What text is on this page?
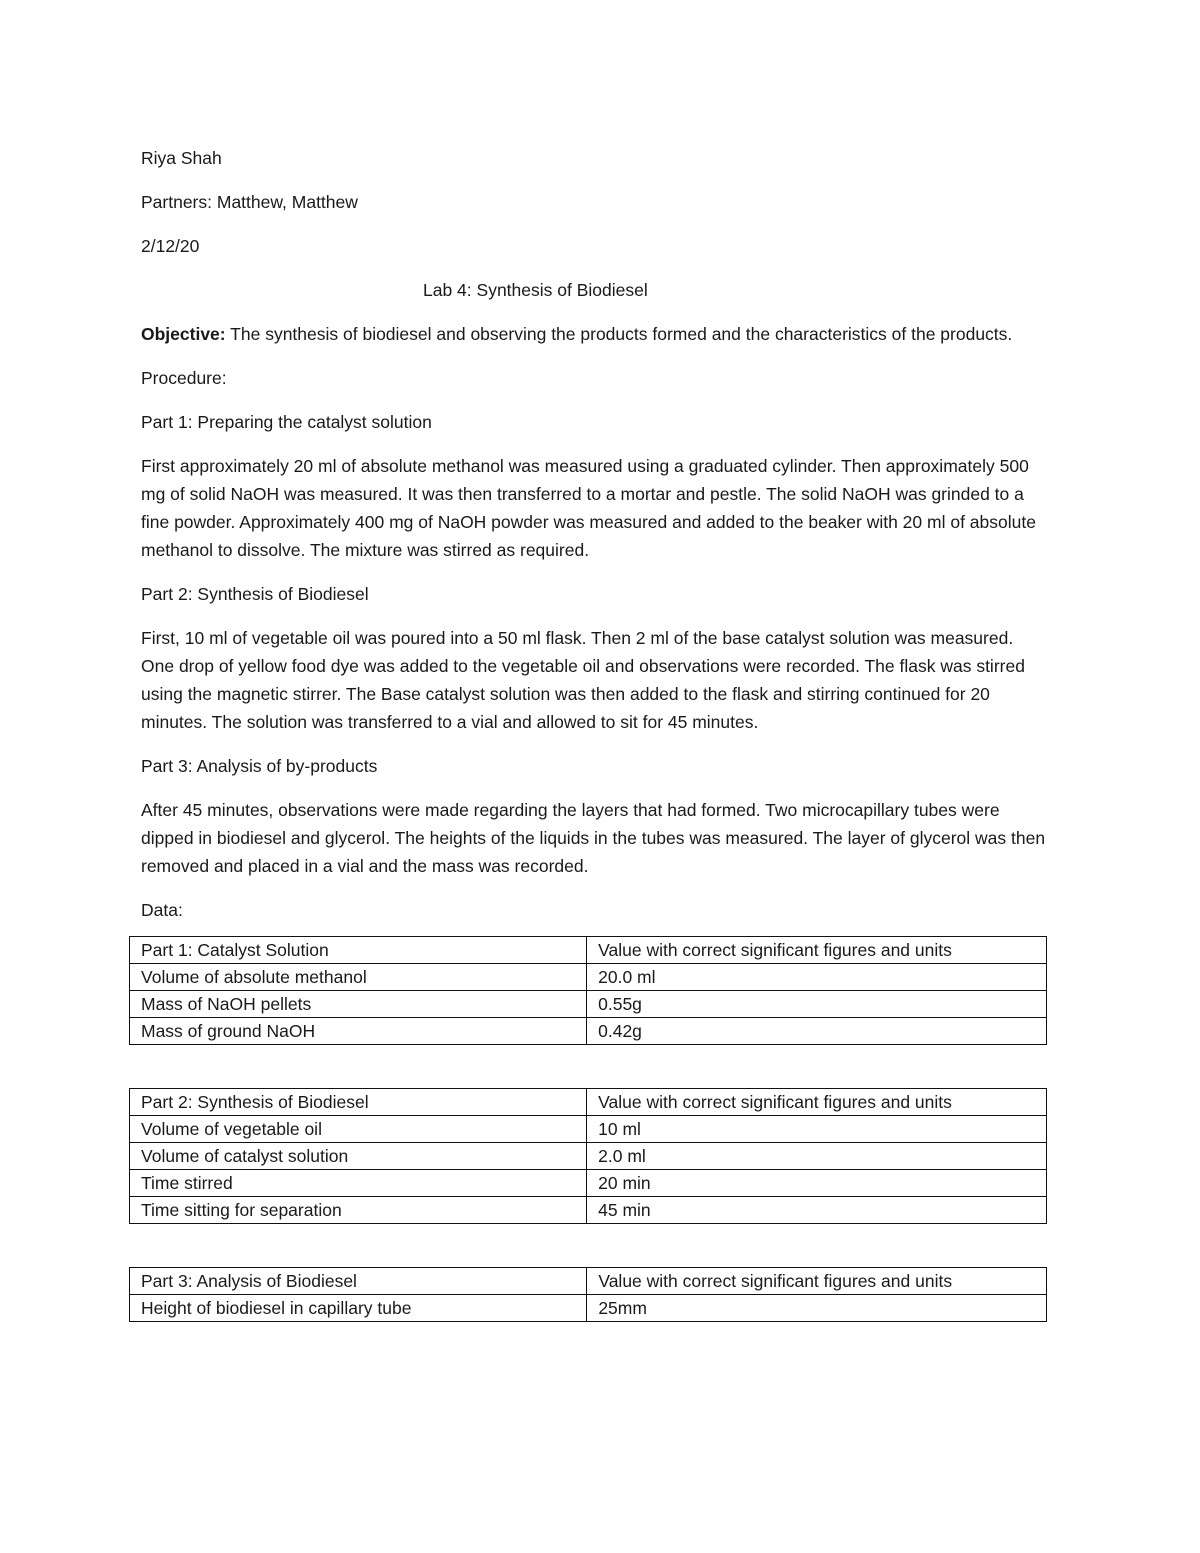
Riya Shah

Partners: Matthew, Matthew

2/12/20

Lab 4: Synthesis of Biodiesel

Objective: The synthesis of biodiesel and observing the products formed and the characteristics of the products.

Procedure:

Part 1: Preparing the catalyst solution

First approximately 20 ml of absolute methanol was measured using a graduated cylinder. Then approximately 500 mg of solid NaOH was measured. It was then transferred to a mortar and pestle. The solid NaOH was grinded to a fine powder. Approximately 400 mg of NaOH powder was measured and added to the beaker with 20 ml of absolute methanol to dissolve. The mixture was stirred as required.

Part 2: Synthesis of Biodiesel

First, 10 ml of vegetable oil was poured into a 50 ml flask. Then 2 ml of the base catalyst solution was measured. One drop of yellow food dye was added to the vegetable oil and observations were recorded. The flask was stirred using the magnetic stirrer. The Base catalyst solution was then added to the flask and stirring continued for 20 minutes. The solution was transferred to a vial and allowed to sit for 45 minutes.

Part 3: Analysis of by-products

After 45 minutes, observations were made regarding the layers that had formed. Two microcapillary tubes were dipped in biodiesel and glycerol. The heights of the liquids in the tubes was measured. The layer of glycerol was then removed and placed in a vial and the mass was recorded.

Data:

Part 1: Catalyst Solution	Value with correct significant figures and units
Volume of absolute methanol	20.0 ml
Mass of NaOH pellets	0.55g
Mass of ground NaOH	0.42g
Part 2: Synthesis of Biodiesel	Value with correct significant figures and units
Volume of vegetable oil	10 ml
Volume of catalyst solution	2.0 ml
Time stirred	20 min
Time sitting for separation	45 min
Part 3: Analysis of Biodiesel	Value with correct significant figures and units
Height of biodiesel in capillary tube	25mm
